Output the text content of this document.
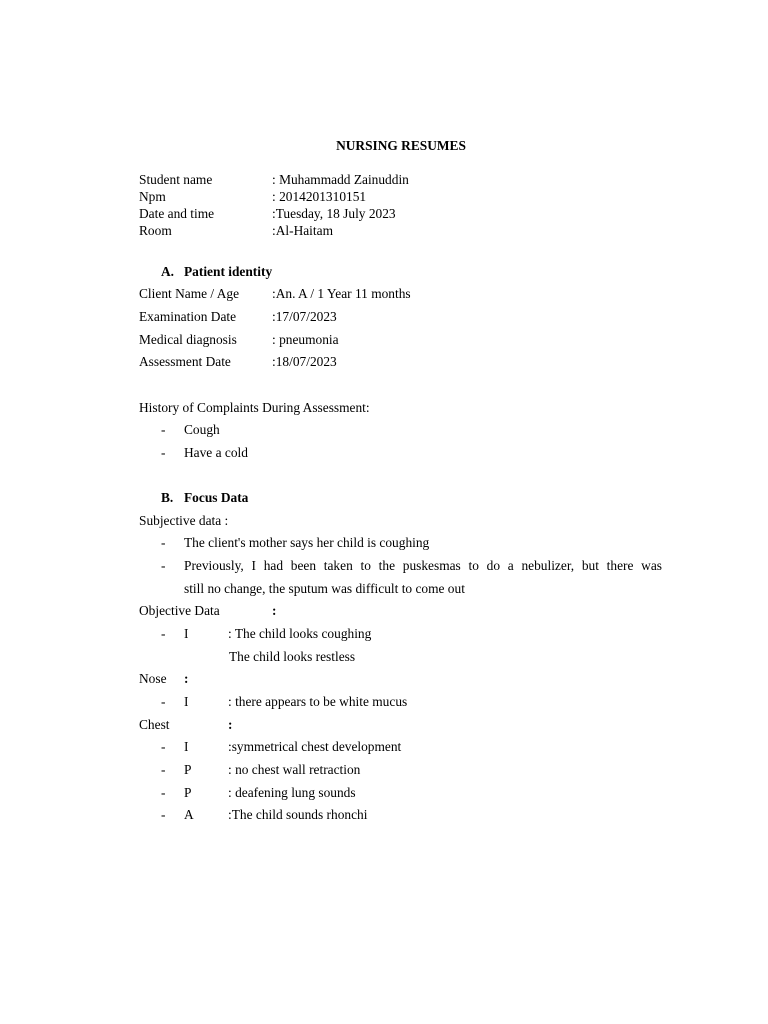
NURSING RESUMES
Student name	: Muhammadd Zainuddin
Npm	: 2014201310151
Date and time	:Tuesday, 18 July 2023
Room	:Al-Haitam
A. Patient identity
Client Name / Age :An. A / 1 Year 11 months
Examination Date	:17/07/2023
Medical diagnosis	: pneumonia
Assessment Date	:18/07/2023
History of Complaints During Assessment:
- Cough
- Have a cold
B. Focus Data
Subjective data :
- The client's mother says her child is coughing
- Previously, I had been taken to the puskesmas to do a nebulizer, but there was
still no change, the sputum was difficult to come out
Objective Data	:
- I	: The child looks coughing
The child looks restless
Nose :
- I	: there appears to be white mucus
Chest	:
- I	:symmetrical chest development
- P	: no chest wall retraction
- P	: deafening lung sounds
- A	:The child sounds rhonchi
